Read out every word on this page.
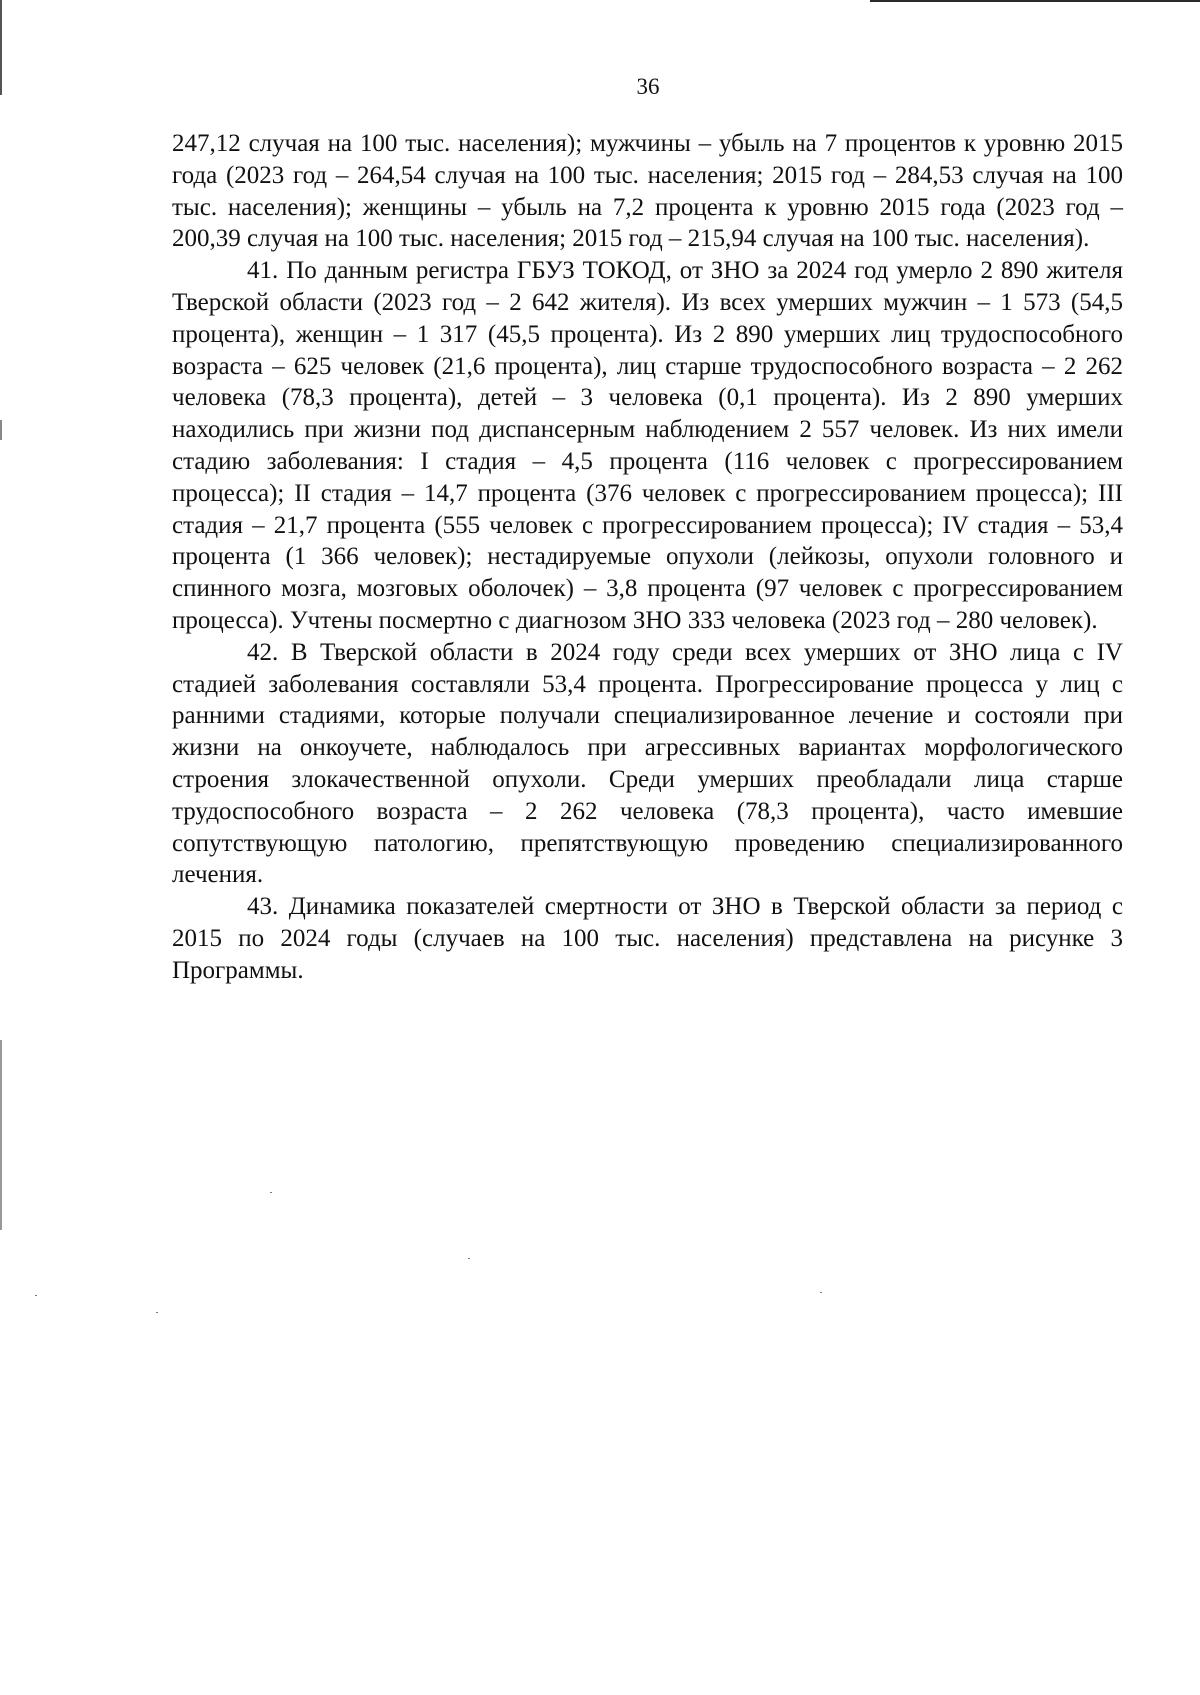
36

247,12 случая на 100 тыс. населения); мужчины – убыль на 7 процентов к уровню 2015 года (2023 год – 264,54 случая на 100 тыс. населения; 2015 год – 284,53 случая на 100 тыс. населения); женщины – убыль на 7,2 процента к уровню 2015 года (2023 год – 200,39 случая на 100 тыс. населения; 2015 год – 215,94 случая на 100 тыс. населения).

41. По данным регистра ГБУЗ ТОКОД, от ЗНО за 2024 год умерло 2 890 жителя Тверской области (2023 год – 2 642 жителя). Из всех умерших мужчин – 1 573 (54,5 процента), женщин – 1 317 (45,5 процента). Из 2 890 умерших лиц трудоспособного возраста – 625 человек (21,6 процента), лиц старше трудоспособного возраста – 2 262 человека (78,3 процента), детей – 3 человека (0,1 процента). Из 2 890 умерших находились при жизни под диспансерным наблюдением 2 557 человек. Из них имели стадию заболевания: I стадия – 4,5 процента (116 человек с прогрессированием процесса); II стадия – 14,7 процента (376 человек с прогрессированием процесса); III стадия – 21,7 процента (555 человек с прогрессированием процесса); IV стадия – 53,4 процента (1 366 человек); нестадируемые опухоли (лейкозы, опухоли головного и спинного мозга, мозговых оболочек) – 3,8 процента (97 человек с прогрессированием процесса). Учтены посмертно с диагнозом ЗНО 333 человека (2023 год – 280 человек).

42. В Тверской области в 2024 году среди всех умерших от ЗНО лица с IV стадией заболевания составляли 53,4 процента. Прогрессирование процесса у лиц с ранними стадиями, которые получали специализированное лечение и состояли при жизни на онкоучете, наблюдалось при агрессивных вариантах морфологического строения злокачественной опухоли. Среди умерших преобладали лица старше трудоспособного возраста – 2 262 человека (78,3 процента), часто имевшие сопутствующую патологию, препятствующую проведению специализированного лечения.

43. Динамика показателей смертности от ЗНО в Тверской области за период с 2015 по 2024 годы (случаев на 100 тыс. населения) представлена на рисунке 3 Программы.
